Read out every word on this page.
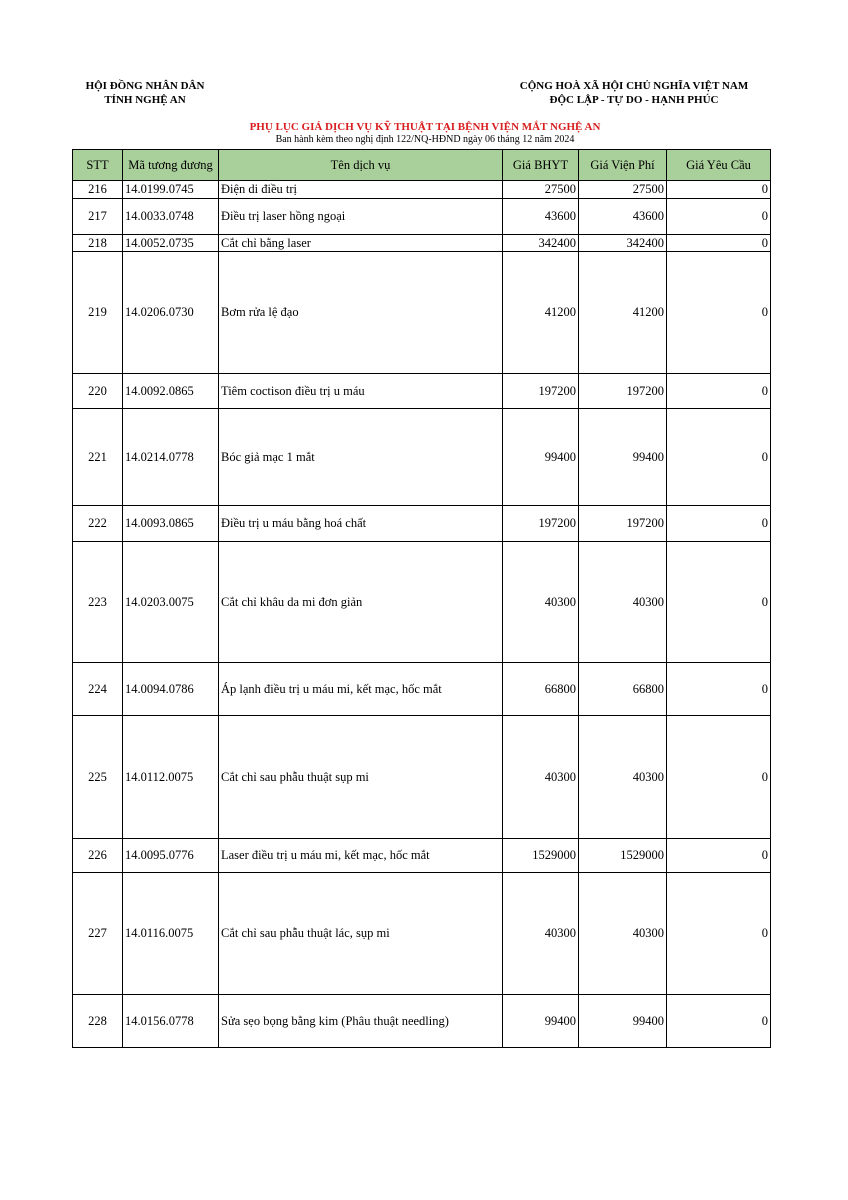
HỘI ĐỒNG NHÂN DÂN
TỈNH NGHỆ AN
CỘNG HOÀ XÃ HỘI CHỦ NGHĨA VIỆT NAM
ĐỘC LẬP - TỰ DO - HẠNH PHÚC
PHỤ LỤC GIÁ DỊCH VỤ KỸ THUẬT TẠI BỆNH VIỆN MẮT NGHỆ AN
Ban hành kèm theo nghị định 122/NQ-HĐND ngày 06 tháng 12 năm 2024
STT	Mã tương đương	Tên dịch vụ	Giá BHYT	Giá Viện Phí	Giá Yêu Cầu
216	14.0199.0745	Điện di điều trị	27500	27500	0
217	14.0033.0748	Điều trị laser hồng ngoại	43600	43600	0
218	14.0052.0735	Cắt chỉ bằng laser	342400	342400	0
219	14.0206.0730	Bơm rửa lệ đạo	41200	41200	0
220	14.0092.0865	Tiêm coctison điều trị u máu	197200	197200	0
221	14.0214.0778	Bóc giả mạc 1 mắt	99400	99400	0
222	14.0093.0865	Điều trị u máu bằng hoá chất	197200	197200	0
223	14.0203.0075	Cắt chỉ khâu da mi đơn giản	40300	40300	0
224	14.0094.0786	Áp lạnh điều trị u máu mi, kết mạc, hốc mắt	66800	66800	0
225	14.0112.0075	Cắt chỉ sau phẫu thuật sụp mi	40300	40300	0
226	14.0095.0776	Laser điều trị u máu mi, kết mạc, hốc mắt	1529000	1529000	0
227	14.0116.0075	Cắt chỉ sau phẫu thuật lác, sụp mi	40300	40300	0
228	14.0156.0778	Sửa sẹo bọng bằng kim (Phâu thuật needling)	99400	99400	0
